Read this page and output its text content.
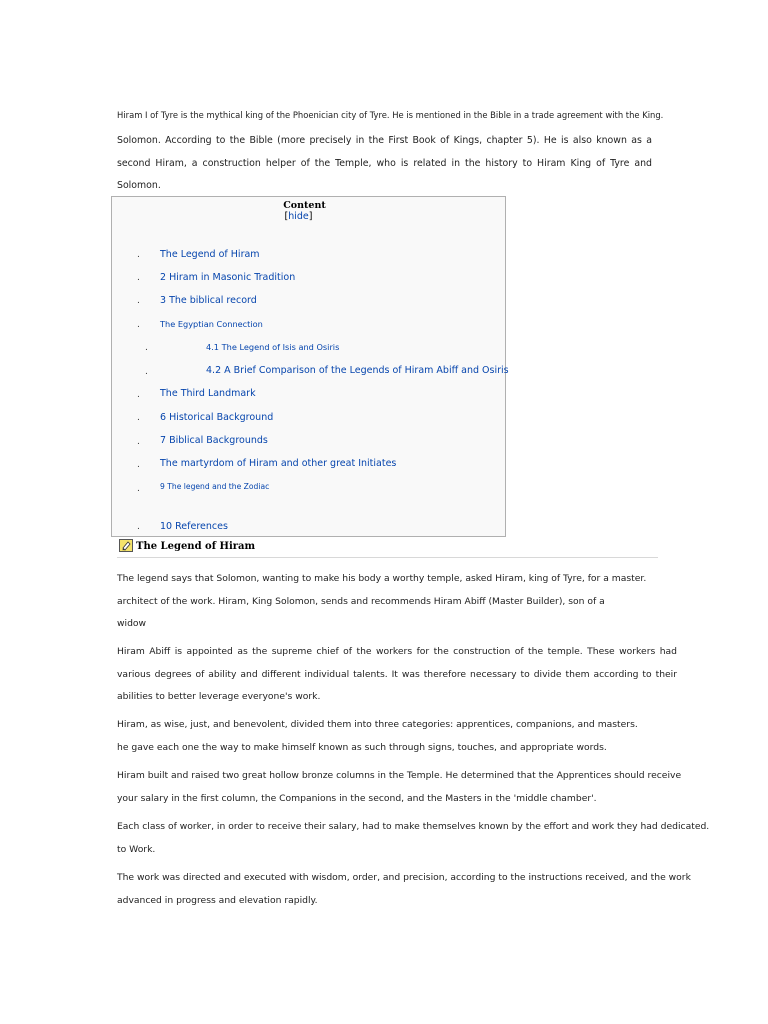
Hiram I of Tyre is the mythical king of the Phoenician city of Tyre. He is mentioned in the Bible in a trade agreement with the King.
Solomon. According to the Bible (more precisely in the First Book of Kings, chapter 5). He is also known as a second Hiram, a construction helper of the Temple, who is related in the history to Hiram King of Tyre and Solomon.
Content
[hide]
. The Legend of Hiram
. 2 Hiram in Masonic Tradition
. 3 The biblical record
. The Egyptian Connection
.	4.1 The Legend of Isis and Osiris
.	4.2 A Brief Comparison of the Legends of Hiram Abiff and Osiris
. The Third Landmark
. 6 Historical Background
. 7 Biblical Backgrounds
. The martyrdom of Hiram and other great Initiates
.	9 The legend and the Zodiac
. 10 References
The Legend of Hiram
The legend says that Solomon, wanting to make his body a worthy temple, asked Hiram, king of Tyre, for a master.
architect of the work. Hiram, King Solomon, sends and recommends Hiram Abiff (Master Builder), son of a
widow
Hiram Abiff is appointed as the supreme chief of the workers for the construction of the temple. These workers had
various degrees of ability and different individual talents. It was therefore necessary to divide them according to their
abilities to better leverage everyone's work.
Hiram, as wise, just, and benevolent, divided them into three categories: apprentices, companions, and masters.
he gave each one the way to make himself known as such through signs, touches, and appropriate words.
Hiram built and raised two great hollow bronze columns in the Temple. He determined that the Apprentices should receive
your salary in the first column, the Companions in the second, and the Masters in the 'middle chamber'.
Each class of worker, in order to receive their salary, had to make themselves known by the effort and work they had dedicated.
to Work.
The work was directed and executed with wisdom, order, and precision, according to the instructions received, and the work
advanced in progress and elevation rapidly.
